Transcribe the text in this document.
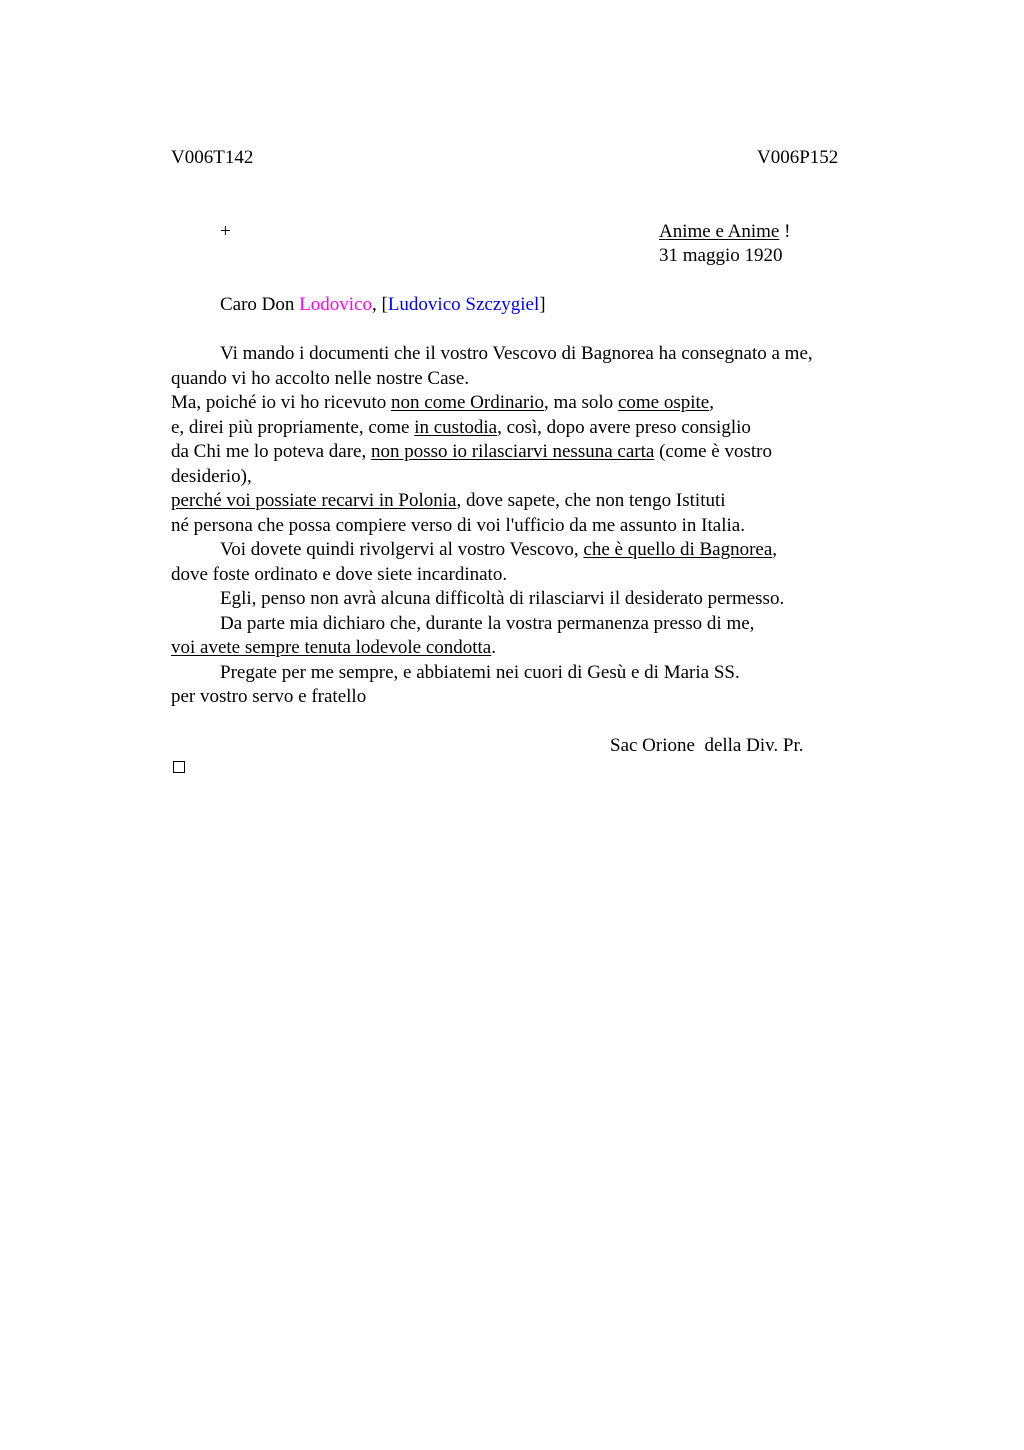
V006T142	V006P152
+	Anime e Anime !
31 maggio 1920
Caro Don Lodovico, [Ludovico Szczygiel]
Vi mando i documenti che il vostro Vescovo di Bagnorea ha consegnato a me,
quando vi ho accolto nelle nostre Case.
Ma, poiché io vi ho ricevuto non come Ordinario, ma solo come ospite,
e, direi più propriamente, come in custodia, così, dopo avere preso consiglio
da Chi me lo poteva dare, non posso io rilasciarvi nessuna carta (come è vostro
desiderio),
perché voi possiate recarvi in Polonia, dove sapete, che non tengo Istituti
né persona che possa compiere verso di voi l'ufficio da me assunto in Italia.
Voi dovete quindi rivolgervi al vostro Vescovo, che è quello di Bagnorea,
dove foste ordinato e dove siete incardinato.
Egli, penso non avrà alcuna difficoltà di rilasciarvi il desiderato permesso.
Da parte mia dichiaro che, durante la vostra permanenza presso di me,
voi avete sempre tenuta lodevole condotta.
Pregate per me sempre, e abbiatemi nei cuori di Gesù e di Maria SS.
per vostro servo e fratello
Sac Orione  della Div. Pr.
